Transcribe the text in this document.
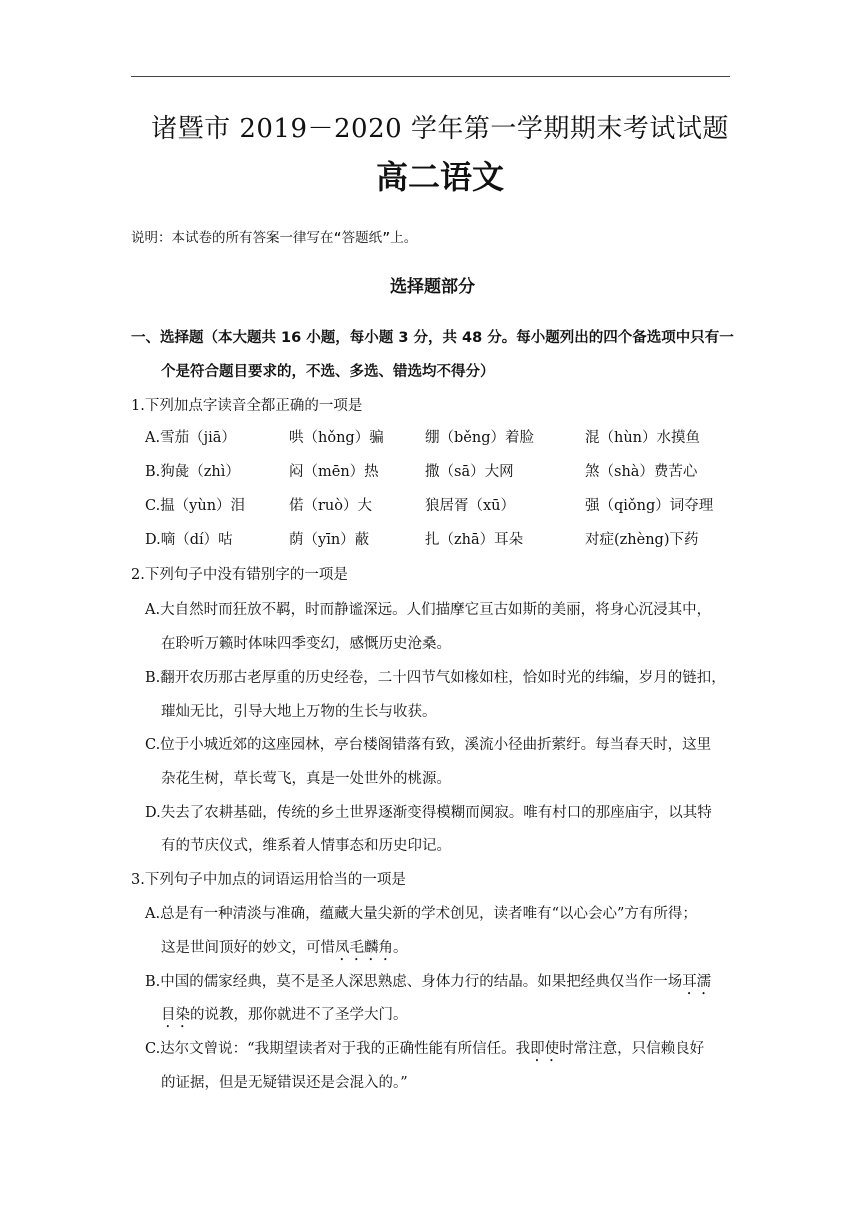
诸暨市 2019－2020 学年第一学期期末考试试题
高二语文
说明：本试卷的所有答案一律写在“答题纸”上。
选择题部分
一、选择题（本大题共 16 小题，每小题 3 分，共 48 分。每小题列出的四个备选项中只有一
个是符合题目要求的，不选、多选、错选均不得分）
1.下列加点字读音全都正确的一项是
A.雪茄（jiā）	哄（hǒng）骗	绷（běng）着脸	混（hùn）水摸鱼
B.狗彘（zhì）	闷（mēn）热	撒（sā）大网	煞（shà）费苦心
C.揾（yùn）泪	偌（ruò）大	狼居胥（xū）	强（qiǒng）词夺理
D.嘀（dí）咕	荫（yīn）蔽	扎（zhā）耳朵	对症(zhèng)下药
2.下列句子中没有错别字的一项是
A.大自然时而狂放不羁，时而静谧深远。人们描摩它亘古如斯的美丽，将身心沉浸其中，
在聆听万籁时体味四季变幻，感慨历史沧桑。
B.翻开农历那古老厚重的历史经卷，二十四节气如椽如柱，恰如时光的纬编，岁月的链扣，
璀灿无比，引导大地上万物的生长与收获。
C.位于小城近郊的这座园林，亭台楼阁错落有致，溪流小径曲折萦纡。每当春天时，这里
杂花生树，草长莺飞，真是一处世外的桃源。
D.失去了农耕基础，传统的乡土世界逐渐变得模糊而阒寂。唯有村口的那座庙宇，以其特
有的节庆仪式，维系着人情事态和历史印记。
3.下列句子中加点的词语运用恰当的一项是
A.总是有一种清淡与准确，蕴藏大量尖新的学术创见，读者唯有“以心会心”方有所得；
这是世间顶好的妙文，可惜凤毛麟角。
B.中国的儒家经典，莫不是圣人深思熟虑、身体力行的结晶。如果把经典仅当作一场耳濡
目染的说教，那你就进不了圣学大门。
C.达尔文曾说：“我期望读者对于我的正确性能有所信任。我即使时常注意，只信赖良好
的证据，但是无疑错误还是会混入的。”
